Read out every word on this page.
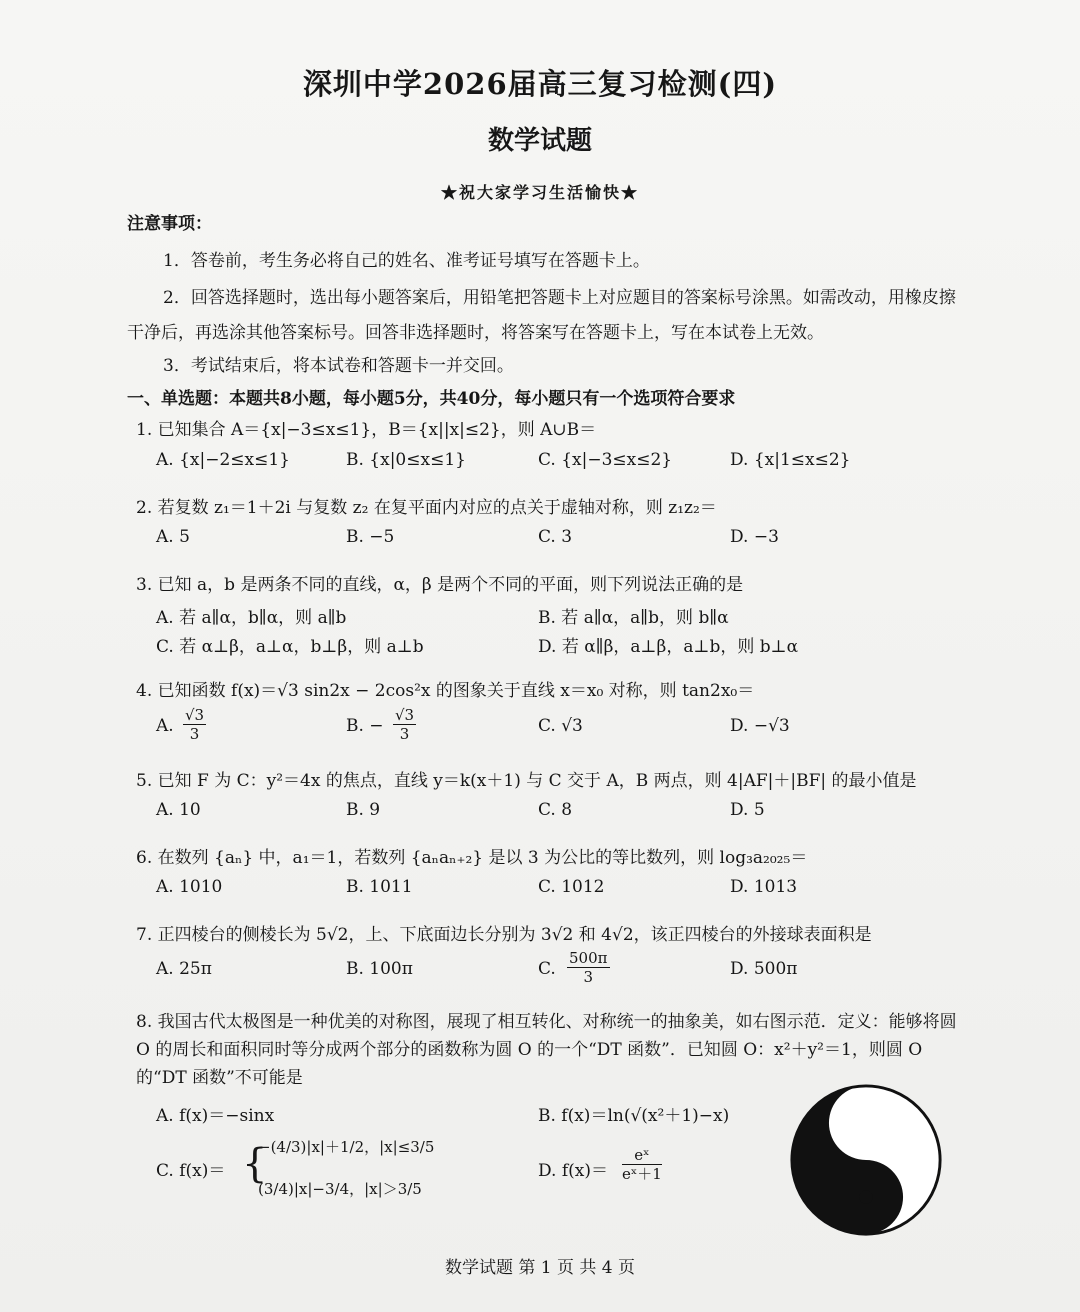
深圳中学2026届高三复习检测(四)
数学试题
★祝大家学习生活愉快★
注意事项：
1．答卷前，考生务必将自己的姓名、准考证号填写在答题卡上。
2．回答选择题时，选出每小题答案后，用铅笔把答题卡上对应题目的答案标号涂黑。如需改动，用橡皮擦干净后，再选涂其他答案标号。回答非选择题时，将答案写在答题卡上，写在本试卷上无效。
3．考试结束后，将本试卷和答题卡一并交回。
一、单选题：本题共8小题，每小题5分，共40分，每小题只有一个选项符合要求
1. 已知集合 A＝{x|−3≤x≤1}，B＝{x||x|≤2}，则 A∪B＝
A. {x|−2≤x≤1}	B. {x|0≤x≤1}	C. {x|−3≤x≤2}	D. {x|1≤x≤2}
2. 若复数 z₁＝1＋2i 与复数 z₂ 在复平面内对应的点关于虚轴对称，则 z₁z₂＝
A. 5	B. −5	C. 3	D. −3
3. 已知 a，b 是两条不同的直线，α，β 是两个不同的平面，则下列说法正确的是
A. 若 a∥α，b∥α，则 a∥b	B. 若 a∥α，a∥b，则 b∥α
C. 若 α⊥β，a⊥α，b⊥β，则 a⊥b	D. 若 α∥β，a⊥β，a⊥b，则 b⊥α
4. 已知函数 f(x)＝√3 sin2x − 2cos²x 的图象关于直线 x＝x₀ 对称，则 tan2x₀＝
A. $\frac{√3}{3}$	B. − $\frac{√3}{3}$	C. √3	D. −√3
5. 已知 F 为 C：y²＝4x 的焦点，直线 y＝k(x＋1) 与 C 交于 A，B 两点，则 4|AF|＋|BF| 的最小值是
A. 10	B. 9	C. 8	D. 5
6. 在数列 {aₙ} 中，a₁＝1，若数列 {aₙaₙ₊₂} 是以 3 为公比的等比数列，则 log₃a₂₀₂₅＝
A. 1010	B. 1011	C. 1012	D. 1013
7. 正四棱台的侧棱长为 5√2，上、下底面边长分别为 3√2 和 4√2，该正四棱台的外接球表面积是
A. 25π	B. 100π	C. $\frac{500\pi}{3}$	D. 500π
8. 我国古代太极图是一种优美的对称图，展现了相互转化、对称统一的抽象美，如右图示范．定义：能够将圆 O 的周长和面积同时等分成两个部分的函数称为圆 O 的一个“DT 函数”．已知圆 O：x²＋y²＝1，则圆 O 的“DT 函数”不可能是
A. f(x)＝−sinx	B. f(x)＝ln(√(x²＋1)−x)
C. f(x)＝ {
−(4/3)|x|＋1/2，|x|≤3/5
(3/4)|x|−3/4，|x|＞3/5
D. $f(x)= \frac{\text{eˣ}}{\text{eˣ＋1}}$
数学试题 第 1 页 共 4 页
